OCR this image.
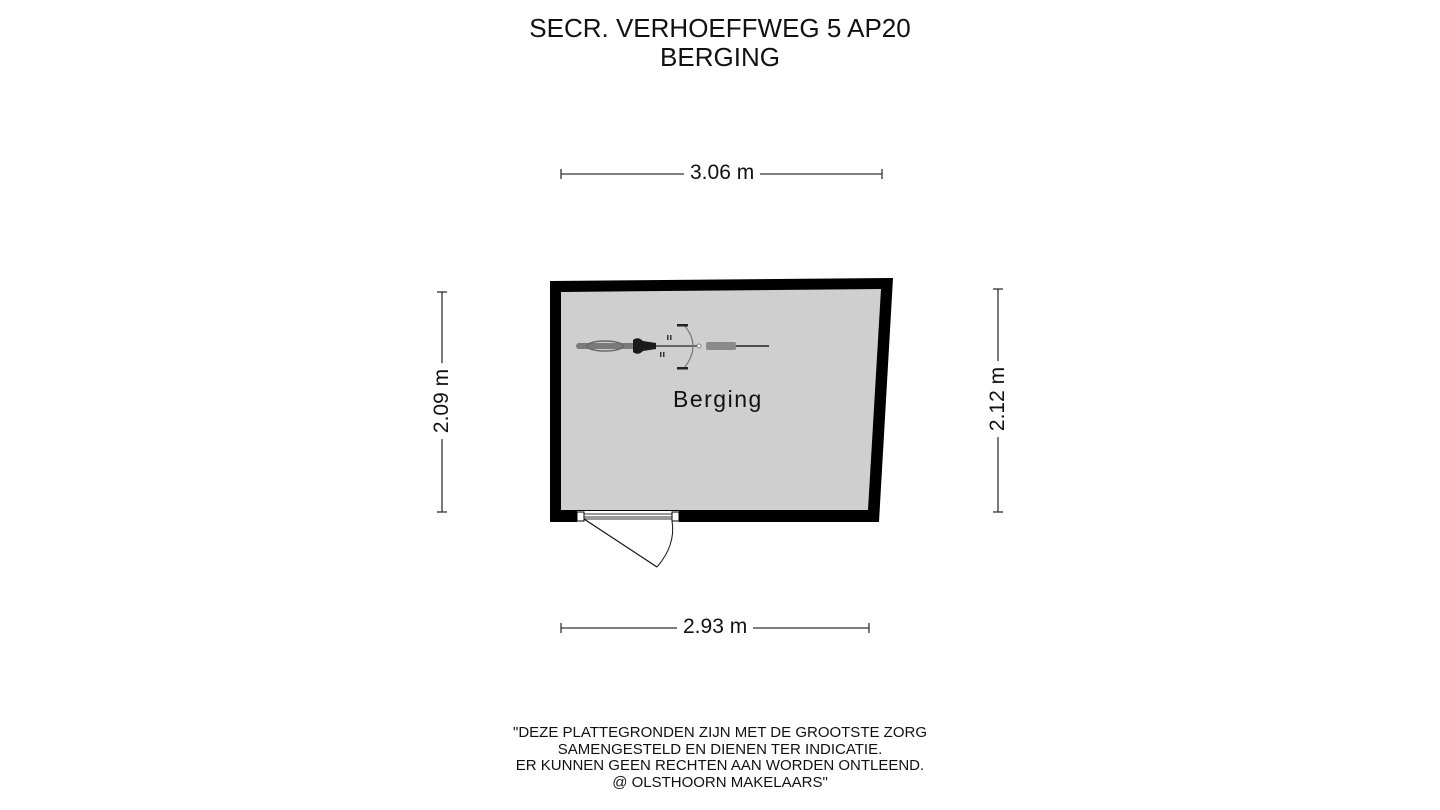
SECR. VERHOEFFWEG 5 AP20
BERGING
3.06 m
2.93 m
2.09 m	2.12 m
Berging
"DEZE PLATTEGRONDEN ZIJN MET DE GROOTSTE ZORG
SAMENGESTELD EN DIENEN TER INDICATIE.
ER KUNNEN GEEN RECHTEN AAN WORDEN ONTLEEND.
@ OLSTHOORN MAKELAARS"
